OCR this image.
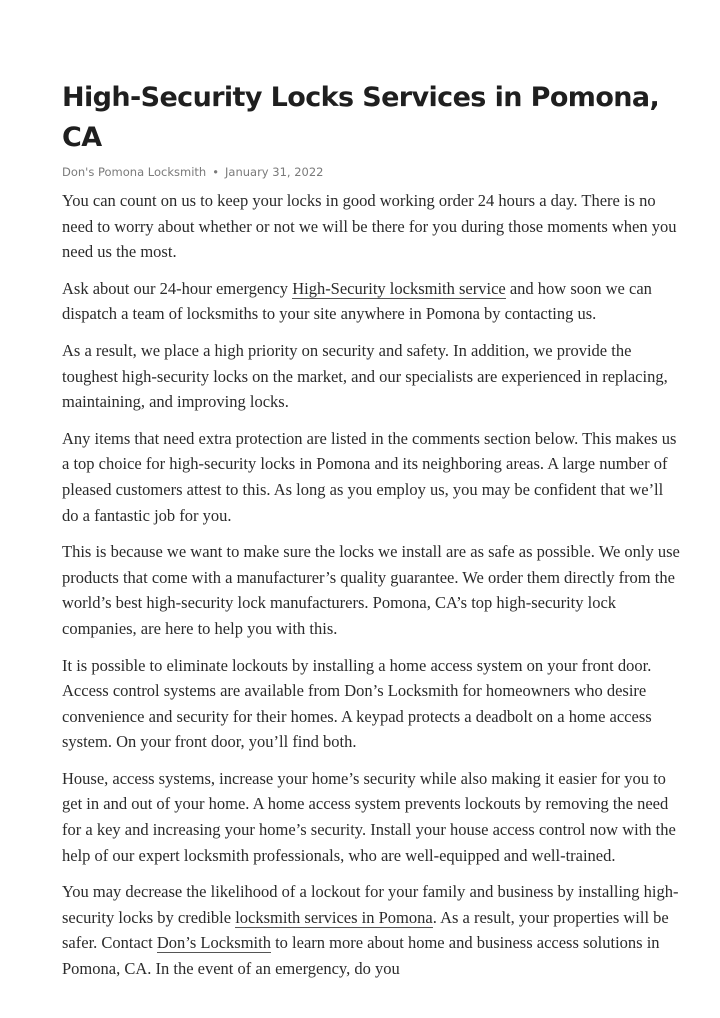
High-Security Locks Services in Pomona, CA
Don's Pomona Locksmith • January 31, 2022

You can count on us to keep your locks in good working order 24 hours a day. There is no need to worry about whether or not we will be there for you during those moments when you need us the most.

Ask about our 24-hour emergency High-Security locksmith service and how soon we can dispatch a team of locksmiths to your site anywhere in Pomona by contacting us.

As a result, we place a high priority on security and safety. In addition, we provide the toughest high-security locks on the market, and our specialists are experienced in replacing, maintaining, and improving locks.

Any items that need extra protection are listed in the comments section below. This makes us a top choice for high-security locks in Pomona and its neighboring areas. A large number of pleased customers attest to this. As long as you employ us, you may be confident that we’ll do a fantastic job for you.

This is because we want to make sure the locks we install are as safe as possible. We only use products that come with a manufacturer’s quality guarantee. We order them directly from the world’s best high-security lock manufacturers. Pomona, CA’s top high-security lock companies, are here to help you with this.

It is possible to eliminate lockouts by installing a home access system on your front door. Access control systems are available from Don’s Locksmith for homeowners who desire convenience and security for their homes. A keypad protects a deadbolt on a home access system. On your front door, you’ll find both.

House, access systems, increase your home’s security while also making it easier for you to get in and out of your home. A home access system prevents lockouts by removing the need for a key and increasing your home’s security. Install your house access control now with the help of our expert locksmith professionals, who are well-equipped and well-trained.

You may decrease the likelihood of a lockout for your family and business by installing high-security locks by credible locksmith services in Pomona. As a result, your properties will be safer. Contact Don’s Locksmith to learn more about home and business access solutions in Pomona, CA. In the event of an emergency, do you
